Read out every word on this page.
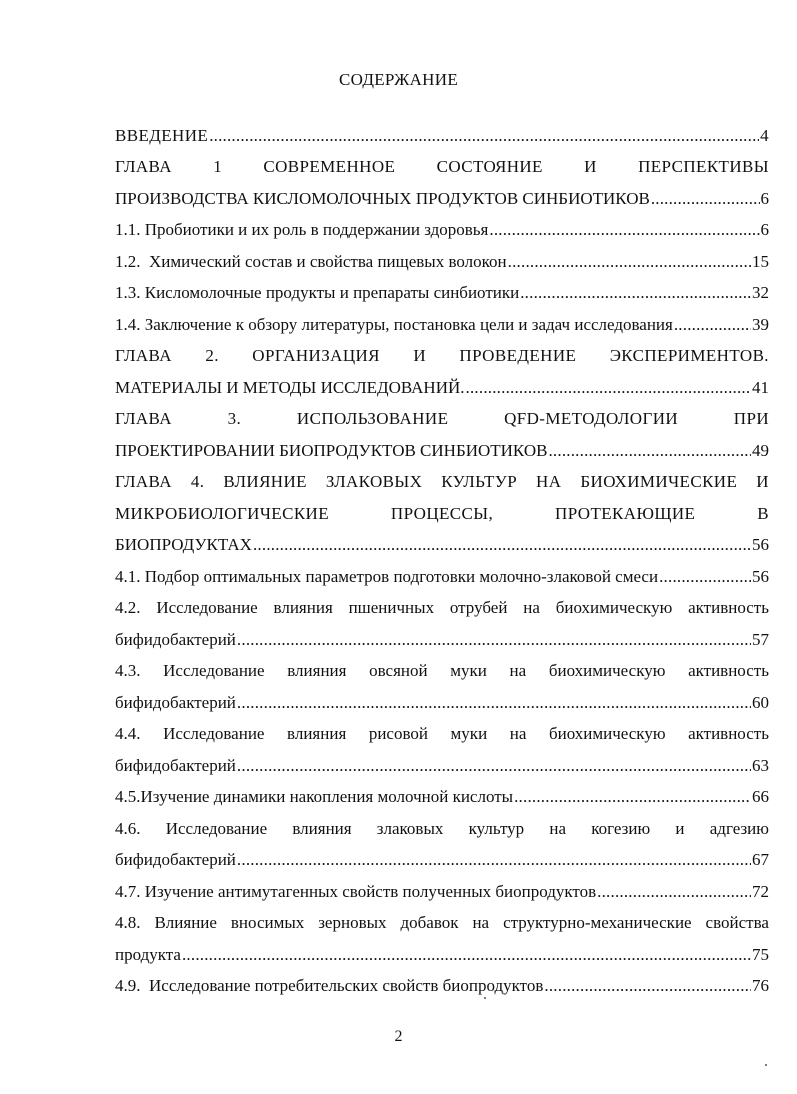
СОДЕРЖАНИЕ
ВВЕДЕНИЕ .....	4
ГЛАВА 1 СОВРЕМЕННОЕ СОСТОЯНИЕ И ПЕРСПЕКТИВЫ
ПРОИЗВОДСТВА КИСЛОМОЛОЧНЫХ ПРОДУКТОВ СИНБИОТИКОВ .....	6
1.1. Пробиотики и их роль в поддержании здоровья .....	6
1.2.  Химический состав и свойства пищевых волокон .....	15
1.3. Кисломолочные продукты и препараты синбиотики .....	32
1.4. Заключение к обзору литературы, постановка цели и задач исследования .....	39
ГЛАВА 2. ОРГАНИЗАЦИЯ И ПРОВЕДЕНИЕ ЭКСПЕРИМЕНТОВ.
МАТЕРИАЛЫ И МЕТОДЫ ИССЛЕДОВАНИЙ. .....	41
ГЛАВА	3.	ИСПОЛЬЗОВАНИЕ	QFD-МЕТОДОЛОГИИ	ПРИ
ПРОЕКТИРОВАНИИ БИОПРОДУКТОВ СИНБИОТИКОВ .....	49
ГЛАВА 4. ВЛИЯНИЕ ЗЛАКОВЫХ КУЛЬТУР НА БИОХИМИЧЕСКИЕ И
МИКРОБИОЛОГИЧЕСКИЕ	ПРОЦЕССЫ,	ПРОТЕКАЮЩИЕ	В
БИОПРОДУКТАХ .....	56
4.1. Подбор оптимальных параметров подготовки молочно-злаковой смеси .....	56
4.2. Исследование влияния пшеничных отрубей на биохимическую активность
бифидобактерий .....	57
4.3. Исследование влияния овсяной муки на биохимическую активность
бифидобактерий .....	60
4.4. Исследование влияния рисовой муки на биохимическую активность
бифидобактерий .....	63
4.5.Изучение динамики накопления молочной кислоты .....	66
4.6. Исследование влияния злаковых культур на когезию и адгезию
бифидобактерий .....	67
4.7. Изучение антимутагенных свойств полученных биопродуктов .....	72
4.8. Влияние вносимых зерновых добавок на структурно-механические свойства
продукта .....	75
4.9.  Исследование потребительских свойств биопродуктов .....	76
2
